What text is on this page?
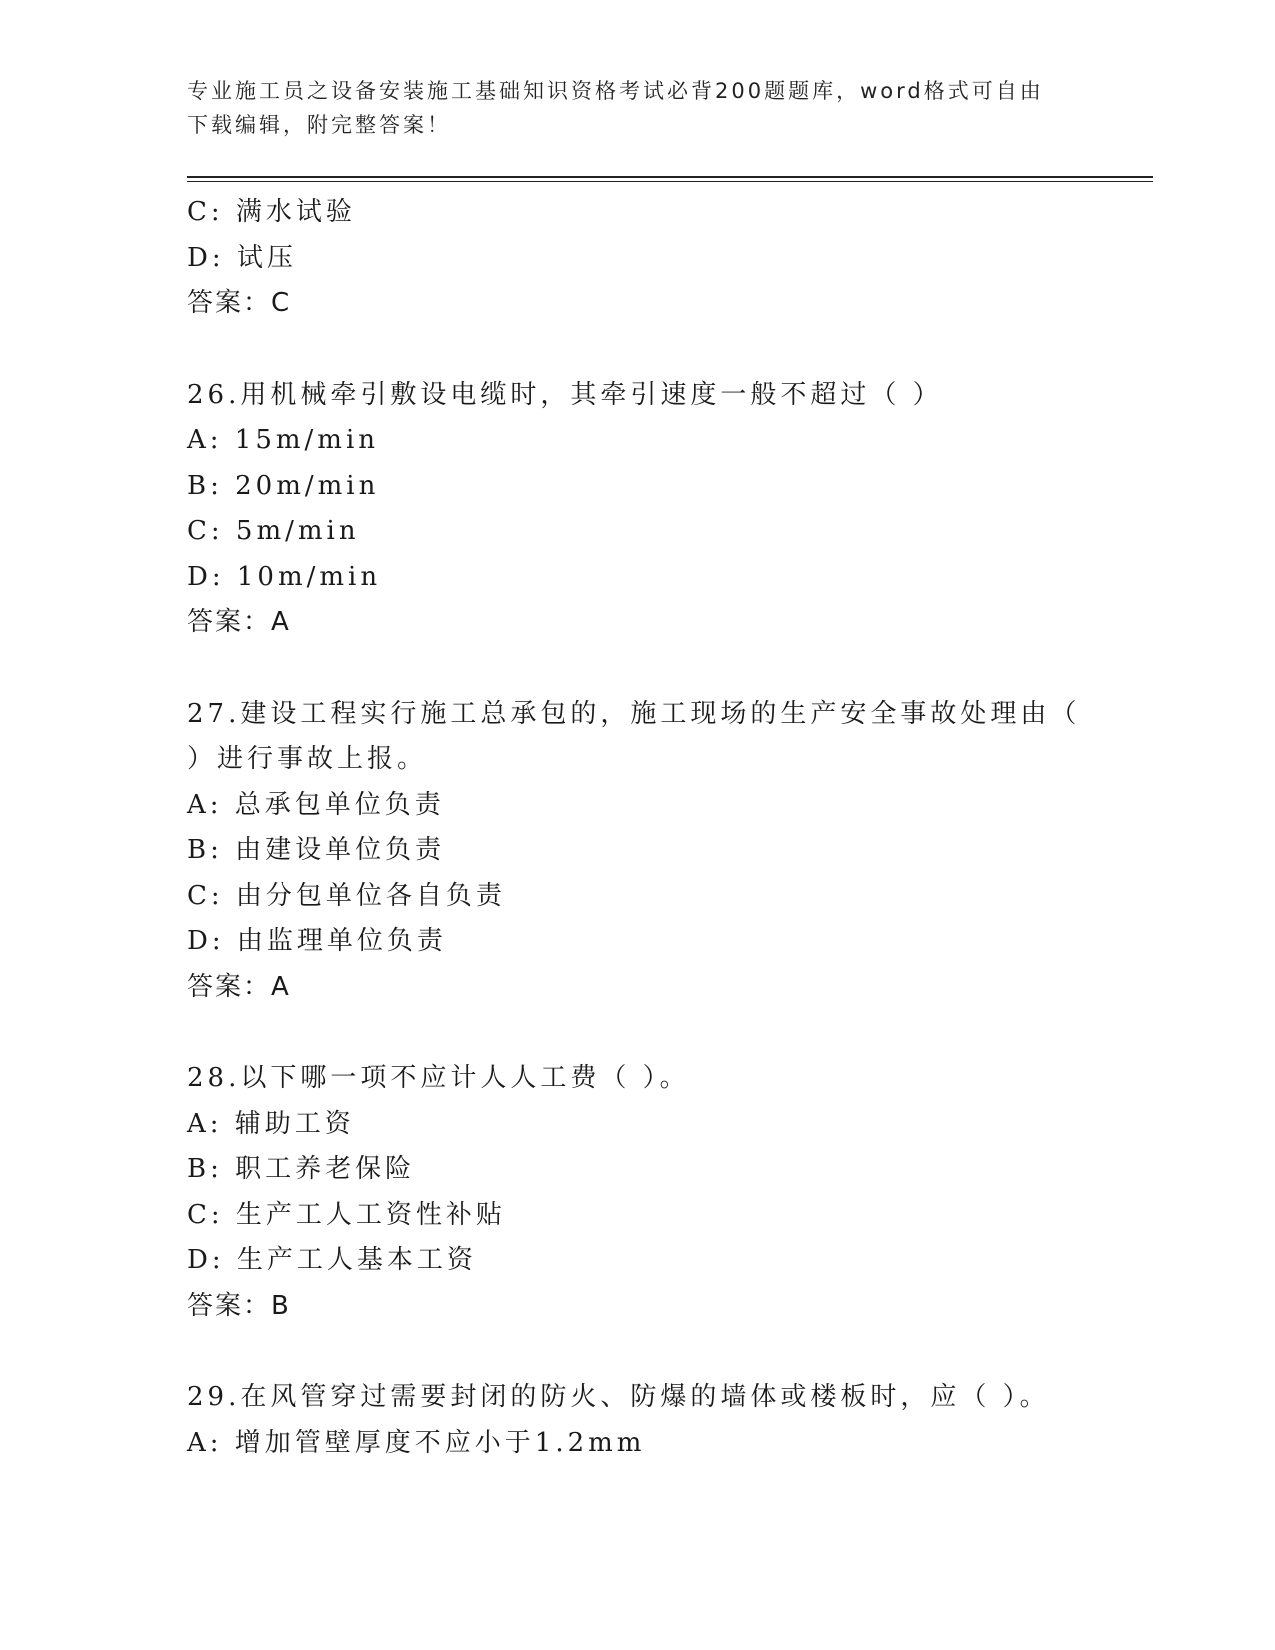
专业施工员之设备安装施工基础知识资格考试必背200题题库，word格式可自由
下载编辑，附完整答案！
C: 满水试验
D: 试压
答案：C
26.用机械牵引敷设电缆时，其牵引速度一般不超过（ ）
A: 15m/min
B: 20m/min
C: 5m/min
D: 10m/min
答案：A
27.建设工程实行施工总承包的，施工现场的生产安全事故处理由（
）进行事故上报。
A: 总承包单位负责
B: 由建设单位负责
C: 由分包单位各自负责
D: 由监理单位负责
答案：A
28.以下哪一项不应计人人工费（ ）。
A: 辅助工资
B: 职工养老保险
C: 生产工人工资性补贴
D: 生产工人基本工资
答案：B
29.在风管穿过需要封闭的防火、防爆的墙体或楼板时，应（ ）。
A: 增加管壁厚度不应小于1.2mm
